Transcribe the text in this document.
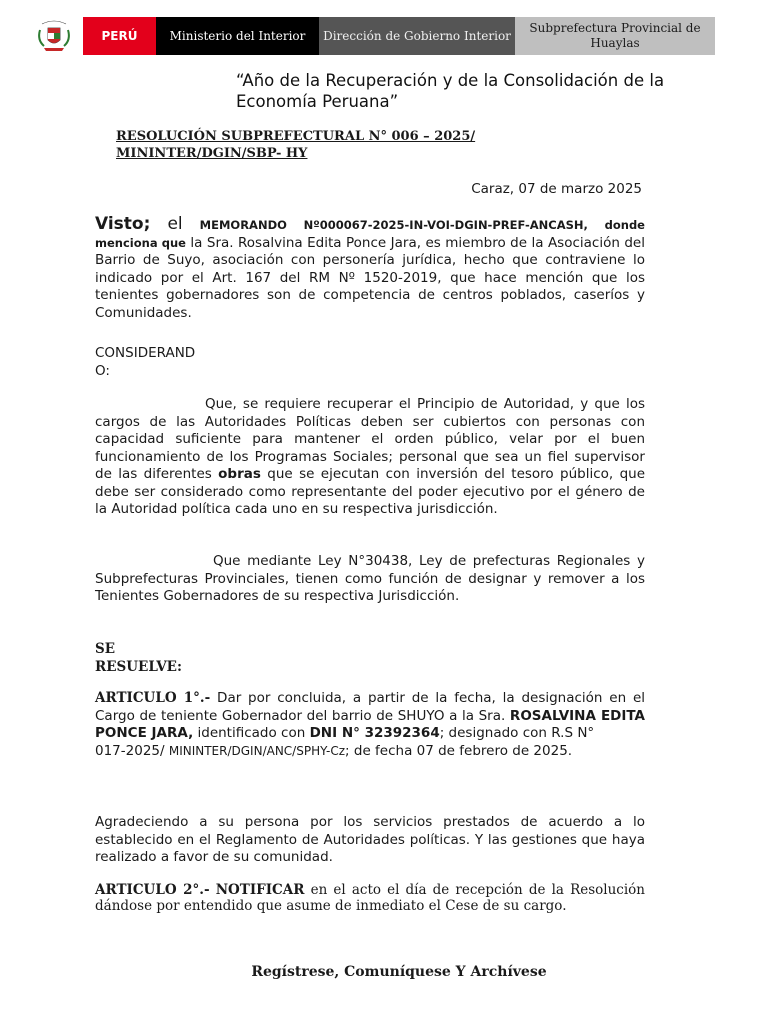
PERÚ	Ministerio del Interior	Dirección de Gobierno Interior
Subprefectura Provincial de Huaylas
“Año de la Recuperación y de la Consolidación de la Economía Peruana”
RESOLUCIÓN SUBPREFECTURAL N° 006 – 2025/ MININTER/DGIN/SBP- HY
Caraz, 07 de marzo 2025
Visto; el MEMORANDO Nº000067-2025-IN-VOI-DGIN-PREF-ANCASH, donde menciona que la Sra. Rosalvina Edita Ponce Jara, es miembro de la Asociación del Barrio de Suyo, asociación con personería jurídica, hecho que contraviene lo indicado por el Art. 167 del RM Nº 1520-2019, que hace mención que los tenientes gobernadores son de competencia de centros poblados, caseríos y Comunidades.
CONSIDERAND
O:
Que, se requiere recuperar el Principio de Autoridad, y que los cargos de las Autoridades Políticas deben ser cubiertos con personas con capacidad suficiente para mantener el orden público, velar por el buen funcionamiento de los Programas Sociales; personal que sea un fiel supervisor de las diferentes obras que se ejecutan con inversión del tesoro público, que debe ser considerado como representante del poder ejecutivo por el género de la Autoridad política cada uno en su respectiva jurisdicción.
Que mediante Ley N°30438, Ley de prefecturas Regionales y Subprefecturas Provinciales, tienen como función de designar y remover a los Tenientes Gobernadores de su respectiva Jurisdicción.
SE
RESUELVE:
ARTICULO 1°.- Dar por concluida, a partir de la fecha, la designación en el Cargo de teniente Gobernador del barrio de SHUYO a la Sra. ROSALVINA EDITA PONCE JARA, identificado con DNI N° 32392364; designado con R.S N°
017-2025/ MININTER/DGIN/ANC/SPHY-Cz; de fecha 07 de febrero de 2025.
Agradeciendo a su persona por los servicios prestados de acuerdo a lo establecido en el Reglamento de Autoridades políticas. Y las gestiones que haya realizado a favor de su comunidad.
ARTICULO 2°.- NOTIFICAR en el acto el día de recepción de la Resolución dándose por entendido que asume de inmediato el Cese de su cargo.
Regístrese, Comuníquese Y Archívese
